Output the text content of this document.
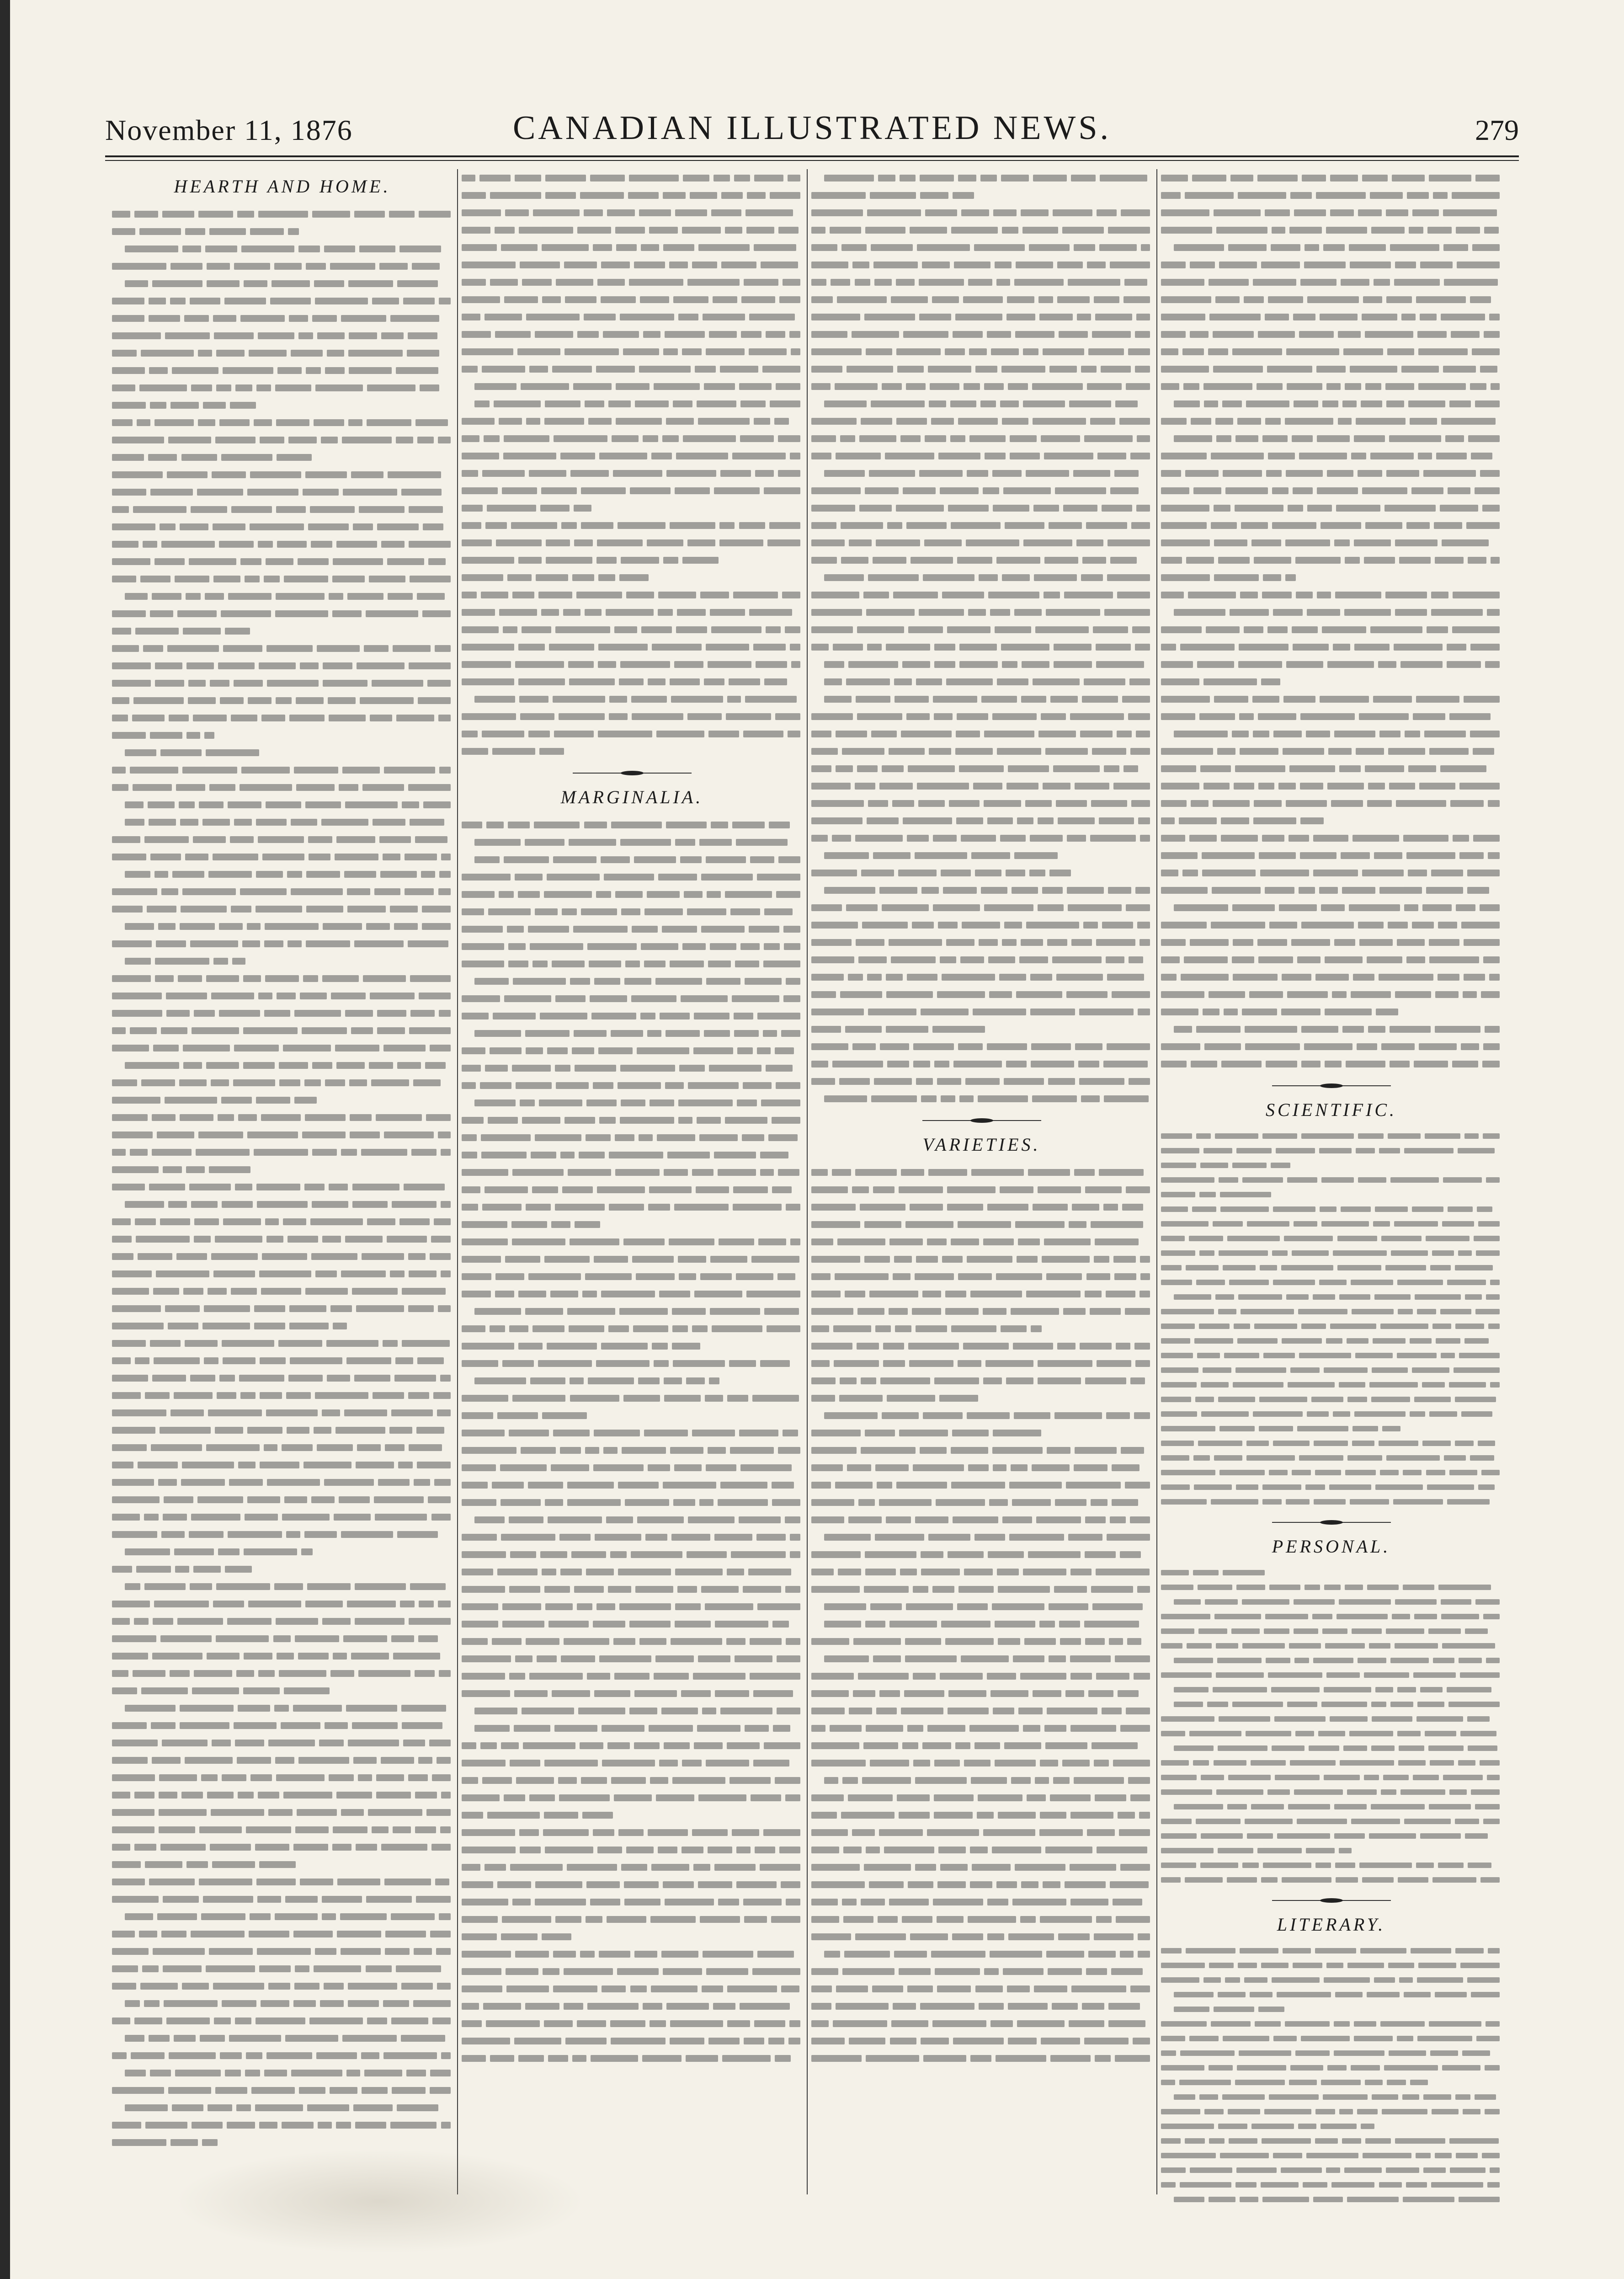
November 11, 1876	CANADIAN ILLUSTRATED NEWS.	279
HEARTH AND HOME.
MARGINALIA.
VARIETIES.
SCIENTIFIC.
PERSONAL.
LITERARY.
